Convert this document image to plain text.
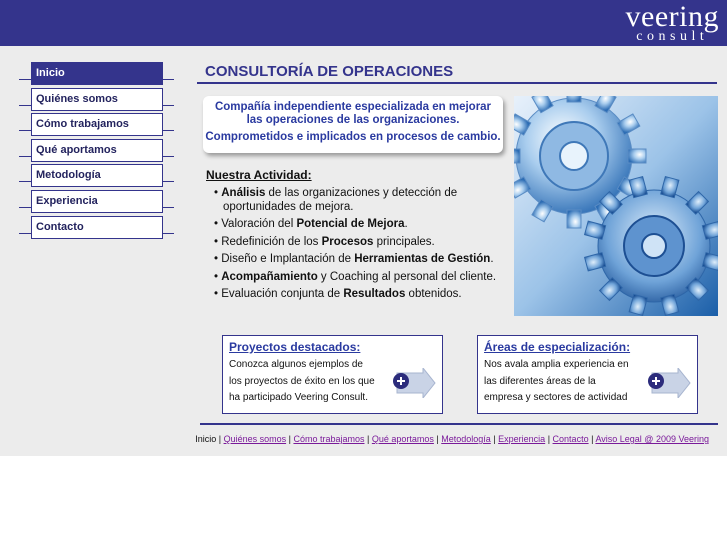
veering
consult
Inicio
Quiénes somos
Cómo trabajamos
Qué aportamos
Metodología
Experiencia
Contacto
CONSULTORÍA DE OPERACIONES

Compañía independiente especializada en mejorar

las operaciones de las organizaciones.

Comprometidos e implicados en procesos de cambio.

Nuestra Actividad:
• Análisis de las organizaciones y detección de oportunidades de mejora.
• Valoración del Potencial de Mejora.
• Redefinición de los Procesos principales.
• Diseño e Implantación de Herramientas de Gestión.
• Acompañamiento y Coaching al personal del cliente.
• Evaluación conjunta de Resultados obtenidos.
Proyectos destacados:
Conozca algunos ejemplos de
los proyectos de éxito en los que
ha participado Veering Consult.
Áreas de especialización:
Nos avala amplia experiencia en
las diferentes áreas de la
empresa y sectores de actividad
Inicio | Quiénes somos | Cómo trabajamos | Qué aportamos | Metodología | Experiencia | Contacto | Aviso Legal @ 2009 Veering
